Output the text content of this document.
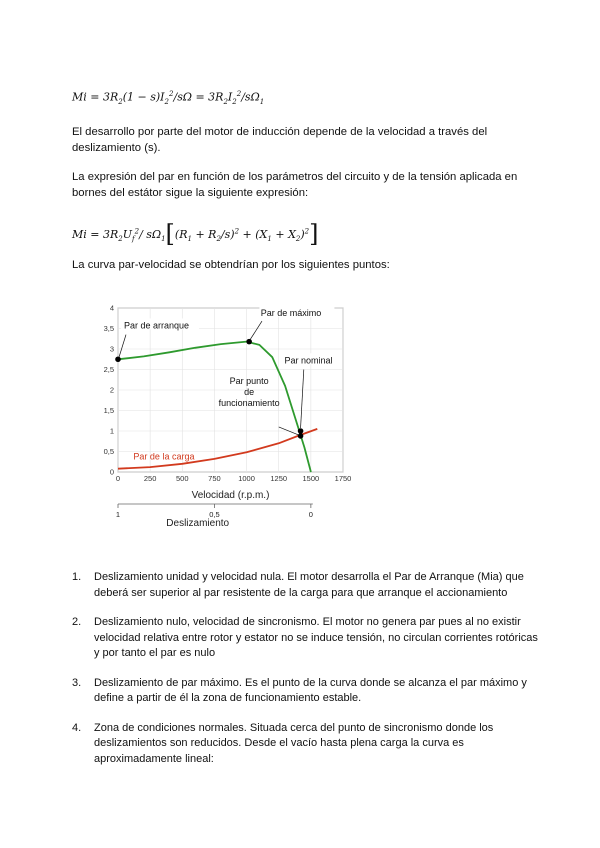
$Mi = 3R_2(1 - s)I_2^2/s\Omega = 3R_2I_2^2/s\Omega_1$

El desarrollo por parte del motor de inducción depende de la velocidad a través del deslizamiento (s).

La expresión del par en función de los parámetros del circuito y de la tensión aplicada en bornes del estátor sigue la siguiente expresión:

$Mi = 3R_2U_f^2/$ $s\Omega_1[(R_1 + R_2/s)^2 + (X_1 + X_2)^2]$

La curva par-velocidad se obtendrían por los siguientes puntos:

0
0,5
1
1,5
2
2,5
3
3,5
4
0	250	500	750 1000 1250 1500 1750
Velocidad (r.p.m.)
1	0,5	0
Deslizamiento
Par de la carga
Par de arranque
Par de máximo
Par nominal
Par punto de funcionamiento
1. Deslizamiento unidad y velocidad nula. El motor desarrolla el Par de Arranque (Mia) que deberá ser superior al par resistente de la carga para que arranque el accionamiento
2. Deslizamiento nulo, velocidad de sincronismo. El motor no genera par pues al no existir velocidad relativa entre rotor y estator no se induce tensión, no circulan corrientes rotóricas y por tanto el par es nulo
3. Deslizamiento de par máximo. Es el punto de la curva donde se alcanza el par máximo y define a partir de él la zona de funcionamiento estable.
4. Zona de condiciones normales. Situada cerca del punto de sincronismo donde los deslizamientos son reducidos. Desde el vacío hasta plena carga la curva es aproximadamente lineal:
